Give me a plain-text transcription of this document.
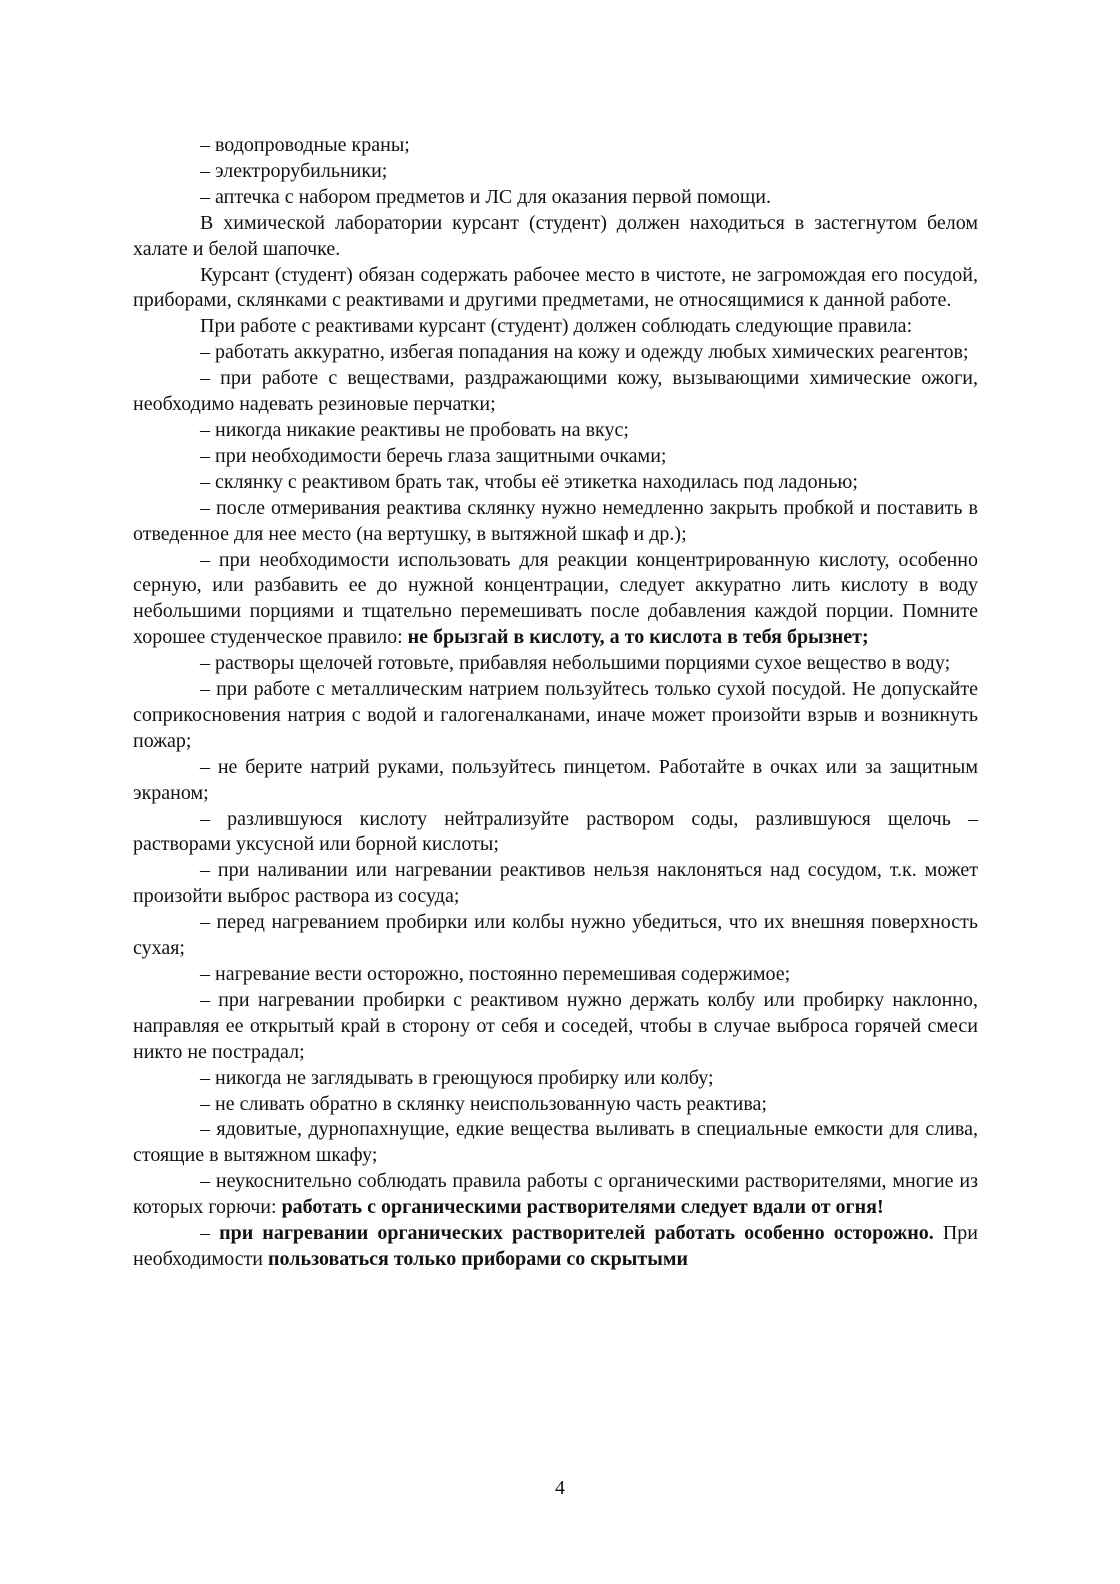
– водопроводные краны;

– электрорубильники;

– аптечка с набором предметов и ЛС для оказания первой помощи.

В химической лаборатории курсант (студент) должен находиться в застегнутом белом халате и белой шапочке.

Курсант (студент) обязан содержать рабочее место в чистоте, не загромождая его посудой, приборами, склянками с реактивами и другими предметами, не относящимися к данной работе.

При работе с реактивами курсант (студент) должен соблюдать следующие правила:

– работать аккуратно, избегая попадания на кожу и одежду любых химических реагентов;

– при работе с веществами, раздражающими кожу, вызывающими химические ожоги, необходимо надевать резиновые перчатки;

– никогда никакие реактивы не пробовать на вкус;

– при необходимости беречь глаза защитными очками;

– склянку с реактивом брать так, чтобы её этикетка находилась под ладонью;

– после отмеривания реактива склянку нужно немедленно закрыть пробкой и поставить в отведенное для нее место (на вертушку, в вытяжной шкаф и др.);

– при необходимости использовать для реакции концентрированную кислоту, особенно серную, или разбавить ее до нужной концентрации, следует аккуратно лить кислоту в воду небольшими порциями и тщательно перемешивать после добавления каждой порции. Помните хорошее студенческое правило: не брызгай в кислоту, а то кислота в тебя брызнет;

– растворы щелочей готовьте, прибавляя небольшими порциями сухое вещество в воду;

– при работе с металлическим натрием пользуйтесь только сухой посудой. Не допускайте соприкосновения натрия с водой и галогеналканами, иначе может произойти взрыв и возникнуть пожар;

– не берите натрий руками, пользуйтесь пинцетом. Работайте в очках или за защитным экраном;

– разлившуюся кислоту нейтрализуйте раствором соды, разлившуюся щелочь – растворами уксусной или борной кислоты;

– при наливании или нагревании реактивов нельзя наклоняться над сосудом, т.к. может произойти выброс раствора из сосуда;

– перед нагреванием пробирки или колбы нужно убедиться, что их внешняя поверхность сухая;

– нагревание вести осторожно, постоянно перемешивая содержимое;

– при нагревании пробирки с реактивом нужно держать колбу или пробирку наклонно, направляя ее открытый край в сторону от себя и соседей, чтобы в случае выброса горячей смеси никто не пострадал;

– никогда не заглядывать в греющуюся пробирку или колбу;

– не сливать обратно в склянку неиспользованную часть реактива;

– ядовитые, дурнопахнущие, едкие вещества выливать в специальные емкости для слива, стоящие в вытяжном шкафу;

– неукоснительно соблюдать правила работы с органическими растворителями, многие из которых горючи: работать с органическими растворителями следует вдали от огня!

– при нагревании органических растворителей работать особенно осторожно. При необходимости пользоваться только приборами со скрытыми

4
